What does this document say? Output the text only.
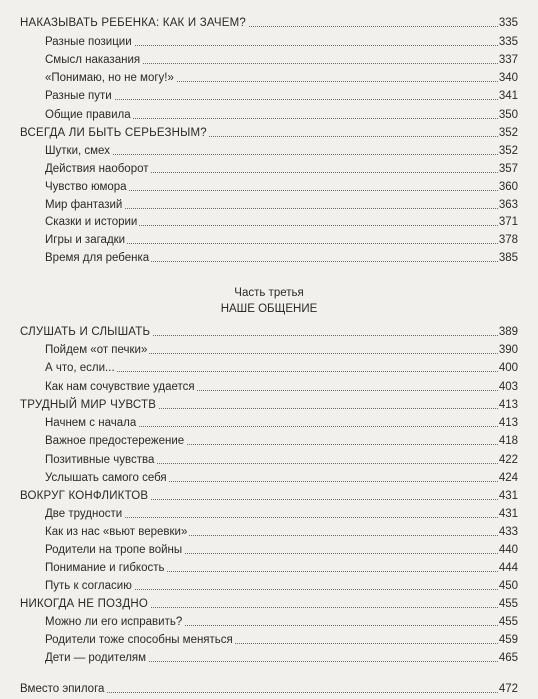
НАКАЗЫВАТЬ РЕБЕНКА: КАК И ЗАЧЕМ?	335
Разные позиции	335
Смысл наказания	337
«Понимаю, но не могу!»	340
Разные пути	341
Общие правила	350
ВСЕГДА ЛИ БЫТЬ СЕРЬЕЗНЫМ?	352
Шутки, смех	352
Действия наоборот	357
Чувство юмора	360
Мир фантазий	363
Сказки и истории	371
Игры и загадки	378
Время для ребенка	385
Часть третья
НАШЕ ОБЩЕНИЕ
СЛУШАТЬ И СЛЫШАТЬ	389
Пойдем «от печки»	390
А что, если...	400
Как нам сочувствие удается	403
ТРУДНЫЙ МИР ЧУВСТВ	413
Начнем с начала	413
Важное предостережение	418
Позитивные чувства	422
Услышать самого себя	424
ВОКРУГ КОНФЛИКТОВ	431
Две трудности	431
Как из нас «вьют веревки»	433
Родители на тропе войны	440
Понимание и гибкость	444
Путь к согласию	450
НИКОГДА НЕ ПОЗДНО	455
Можно ли его исправить?	455
Родители тоже способны меняться	459
Дети — родителям	465
Вместо эпилога	472
